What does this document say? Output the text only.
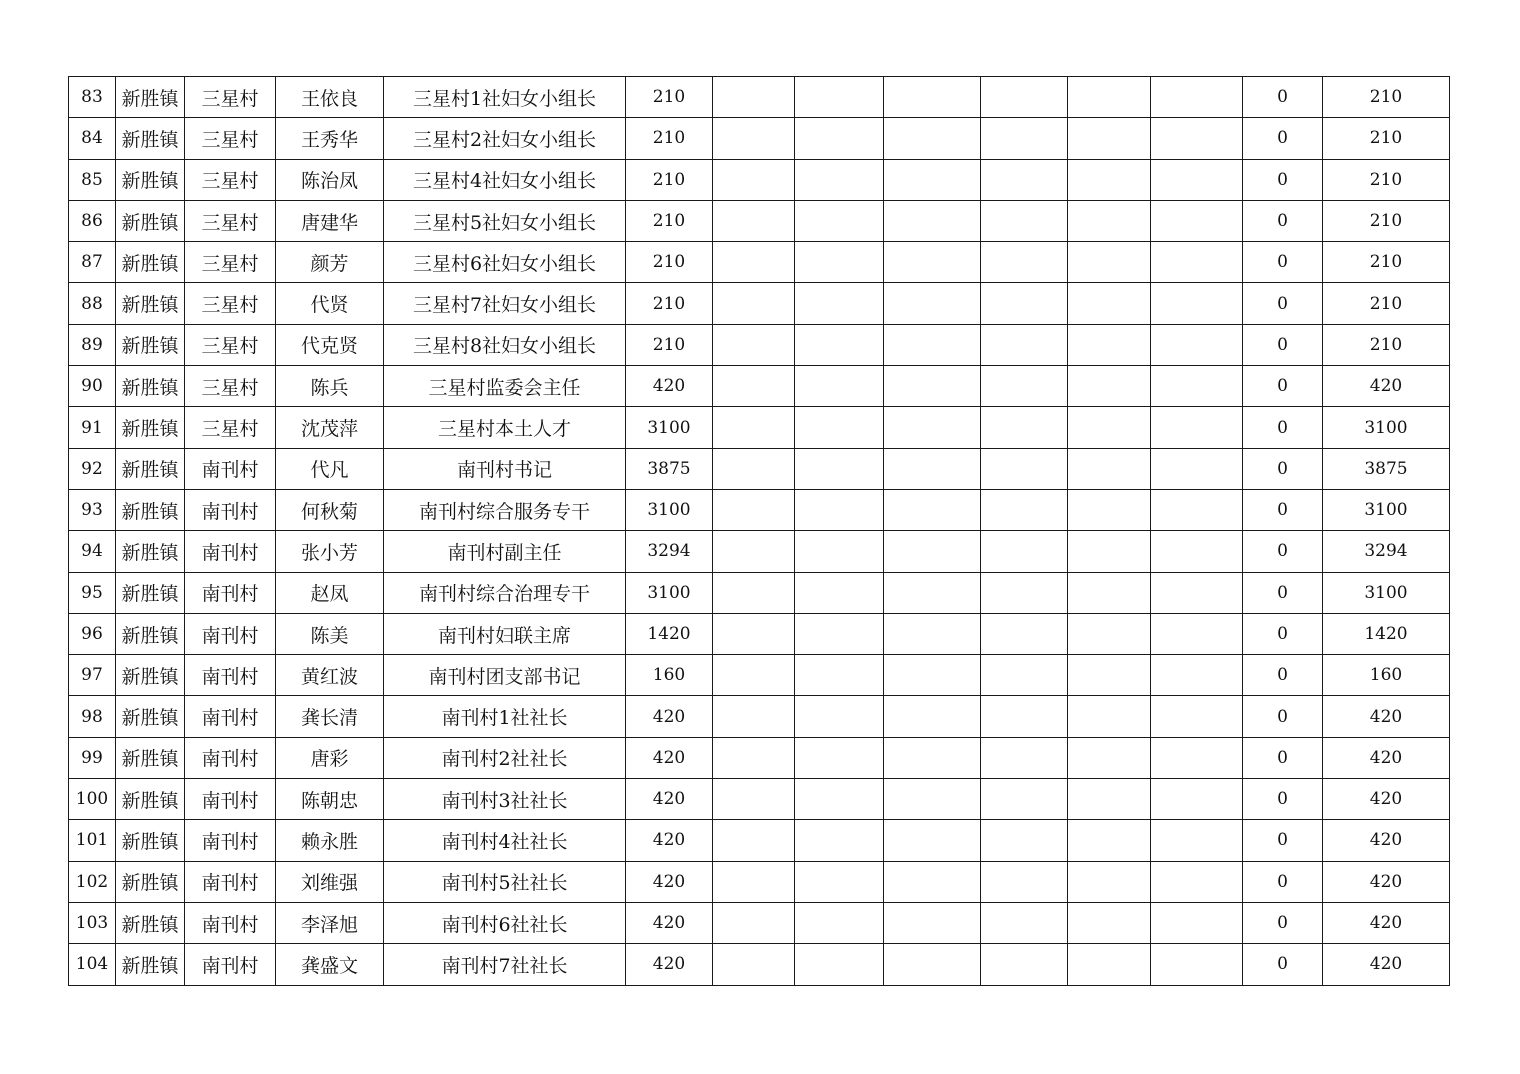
83	新胜镇	三星村	王依良	三星村1社妇女小组长	210							0	210
84	新胜镇	三星村	王秀华	三星村2社妇女小组长	210							0	210
85	新胜镇	三星村	陈治凤	三星村4社妇女小组长	210							0	210
86	新胜镇	三星村	唐建华	三星村5社妇女小组长	210							0	210
87	新胜镇	三星村	颜芳	三星村6社妇女小组长	210							0	210
88	新胜镇	三星村	代贤	三星村7社妇女小组长	210							0	210
89	新胜镇	三星村	代克贤	三星村8社妇女小组长	210							0	210
90	新胜镇	三星村	陈兵	三星村监委会主任	420							0	420
91	新胜镇	三星村	沈茂萍	三星村本土人才	3100							0	3100
92	新胜镇	南刊村	代凡	南刊村书记	3875							0	3875
93	新胜镇	南刊村	何秋菊	南刊村综合服务专干	3100							0	3100
94	新胜镇	南刊村	张小芳	南刊村副主任	3294							0	3294
95	新胜镇	南刊村	赵凤	南刊村综合治理专干	3100							0	3100
96	新胜镇	南刊村	陈美	南刊村妇联主席	1420							0	1420
97	新胜镇	南刊村	黄红波	南刊村团支部书记	160							0	160
98	新胜镇	南刊村	龚长清	南刊村1社社长	420							0	420
99	新胜镇	南刊村	唐彩	南刊村2社社长	420							0	420
100	新胜镇	南刊村	陈朝忠	南刊村3社社长	420							0	420
101	新胜镇	南刊村	赖永胜	南刊村4社社长	420							0	420
102	新胜镇	南刊村	刘维强	南刊村5社社长	420							0	420
103	新胜镇	南刊村	李泽旭	南刊村6社社长	420							0	420
104	新胜镇	南刊村	龚盛文	南刊村7社社长	420							0	420
